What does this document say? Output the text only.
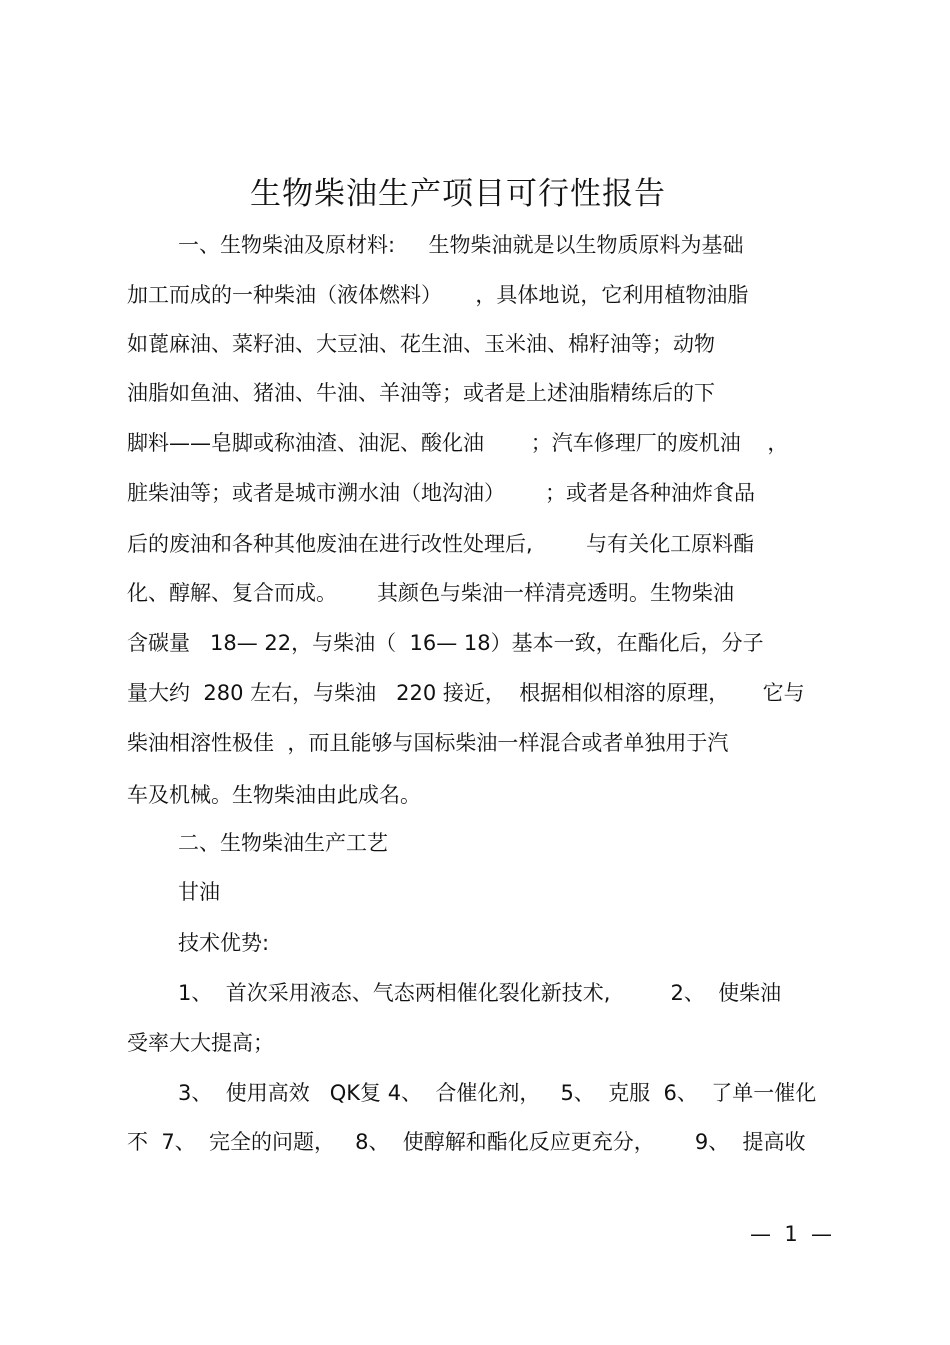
生物柴油生产项目可行性报告
一、生物柴油及原材料:     生物柴油就是以生物质原料为基础
加工而成的一种柴油（液体燃料）     ，具体地说，它利用植物油脂
如蓖麻油、菜籽油、大豆油、花生油、玉米油、棉籽油等；动物
油脂如鱼油、猪油、牛油、羊油等；或者是上述油脂精练后的下
脚料——皂脚或称油渣、油泥、酸化油       ；汽车修理厂的废机油    ，
脏柴油等；或者是城市溯水油（地沟油）      ；或者是各种油炸食品
后的废油和各种其他废油在进行改性处理后,        与有关化工原料酯
化、醇解、复合而成。      其颜色与柴油一样清亮透明。生物柴油
含碳量   18— 22，与柴油（  16— 18）基本一致，在酯化后，分子
量大约  280 左右，与柴油   220 接近，  根据相似相溶的原理，     它与
柴油相溶性极佳  ，而且能够与国标柴油一样混合或者单独用于汽
车及机械。生物柴油由此成名。
二、生物柴油生产工艺
甘油
技术优势:
1、  首次采用液态、气态两相催化裂化新技术,         2、  使柴油
受率大大提高；
3、  使用高效   QK复 4、  合催化剂，   5、  克服  6、  了单一催化
不  7、  完全的问题，   8、  使醇解和酯化反应更充分，      9、  提高收
—  1  —
